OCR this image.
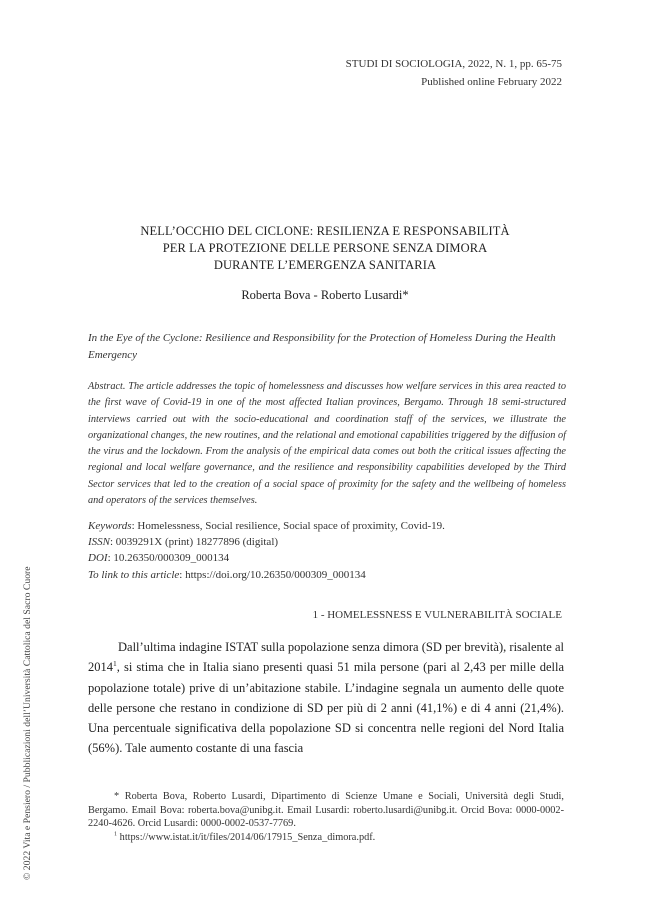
STUDI DI SOCIOLOGIA, 2022, N. 1, pp. 65-75
Published online February 2022
NELL’OCCHIO DEL CICLONE: RESILIENZA E RESPONSABILITÀ
PER LA PROTEZIONE DELLE PERSONE SENZA DIMORA
DURANTE L’EMERGENZA SANITARIA
Roberta Bova - Roberto Lusardi*
In the Eye of the Cyclone: Resilience and Responsibility for the Protection of Homeless During the Health Emergency
Abstract. The article addresses the topic of homelessness and discusses how welfare services in this area reacted to the first wave of Covid-19 in one of the most affected Italian provinces, Bergamo. Through 18 semi-structured interviews carried out with the socio-educational and coordination staff of the services, we illustrate the organizational changes, the new routines, and the relational and emotional capabilities triggered by the diffusion of the virus and the lockdown. From the analysis of the empirical data comes out both the critical issues affecting the regional and local welfare governance, and the resilience and responsibility capabilities developed by the Third Sector services that led to the creation of a social space of proximity for the safety and the wellbeing of homeless and operators of the services themselves.
Keywords: Homelessness, Social resilience, Social space of proximity, Covid-19.
ISSN: 0039291X (print) 18277896 (digital)
DOI: 10.26350/000309_000134
To link to this article: https://doi.org/10.26350/000309_000134
1 - HOMELESSNESS E VULNERABILITÀ SOCIALE

Dall’ultima indagine ISTAT sulla popolazione senza dimora (SD per brevità), risalente al 2014$^1$, si stima che in Italia siano presenti quasi 51 mila persone (pari al 2,43 per mille della popolazione totale) prive di un’abitazione stabile. L’indagine segnala un aumento delle quote delle persone che restano in condizione di SD per più di 2 anni (41,1%) e di 4 anni (21,4%). Una percentuale significativa della popolazione SD si concentra nelle regioni del Nord Italia (56%). Tale aumento costante di una fascia

* Roberta Bova, Roberto Lusardi, Dipartimento di Scienze Umane e Sociali, Università degli Studi, Bergamo. Email Bova: roberta.bova@unibg.it. Email Lusardi: roberto.lusardi@unibg.it. Orcid Bova: 0000-0002-2240-4626. Orcid Lusardi: 0000-0002-0537-7769.

$^1$ https://www.istat.it/it/files/2014/06/17915_Senza_dimora.pdf.

© 2022 Vita e Pensiero / Pubblicazioni dell’Università Cattolica del Sacro Cuore
